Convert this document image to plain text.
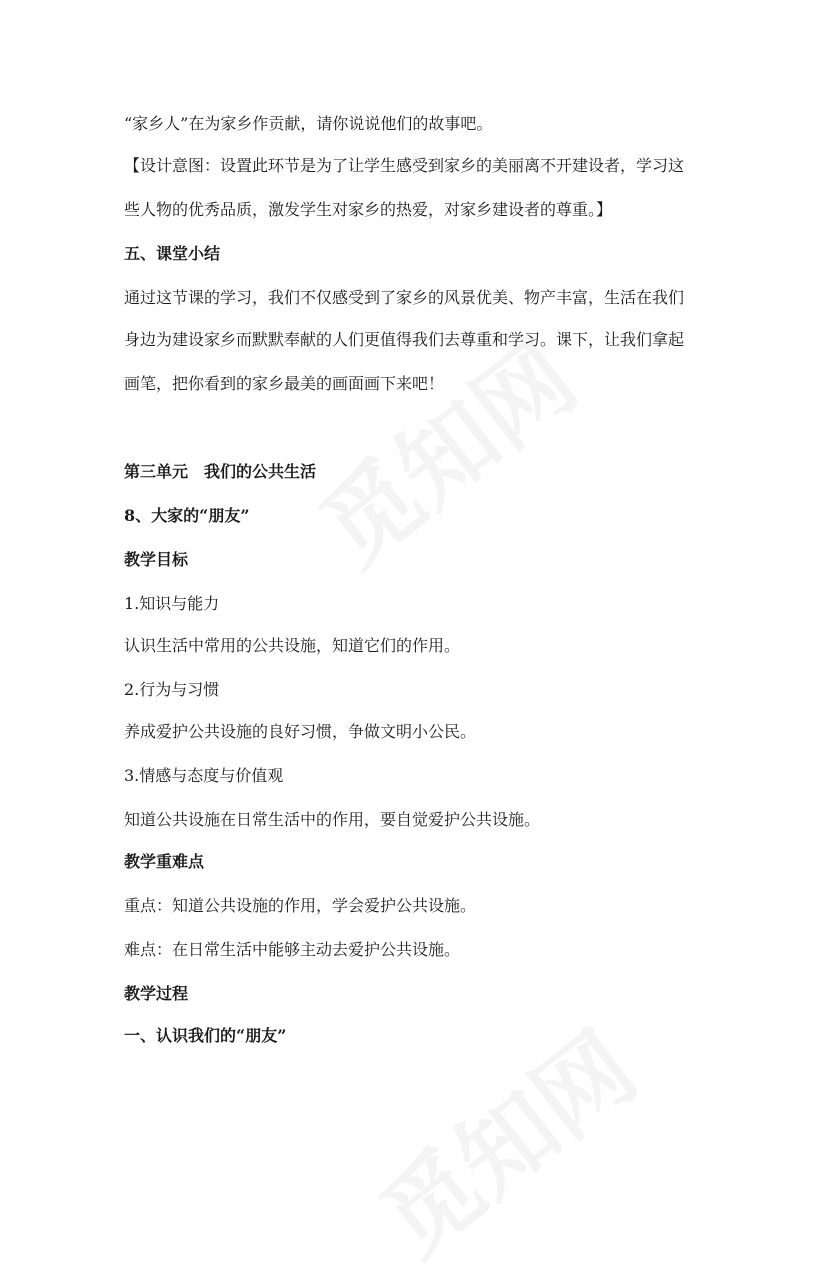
“家乡人”在为家乡作贡献，请你说说他们的故事吧。
【设计意图：设置此环节是为了让学生感受到家乡的美丽离不开建设者，学习这
些人物的优秀品质，激发学生对家乡的热爱，对家乡建设者的尊重。】
五、课堂小结
通过这节课的学习，我们不仅感受到了家乡的风景优美、物产丰富，生活在我们
身边为建设家乡而默默奉献的人们更值得我们去尊重和学习。课下，让我们拿起
画笔，把你看到的家乡最美的画面画下来吧！
第三单元　我们的公共生活
8、大家的“朋友”
教学目标
1.知识与能力
认识生活中常用的公共设施，知道它们的作用。
2.行为与习惯
养成爱护公共设施的良好习惯，争做文明小公民。
3.情感与态度与价值观
知道公共设施在日常生活中的作用，要自觉爱护公共设施。
教学重难点
重点：知道公共设施的作用，学会爱护公共设施。
难点：在日常生活中能够主动去爱护公共设施。
教学过程
一、认识我们的“朋友”
